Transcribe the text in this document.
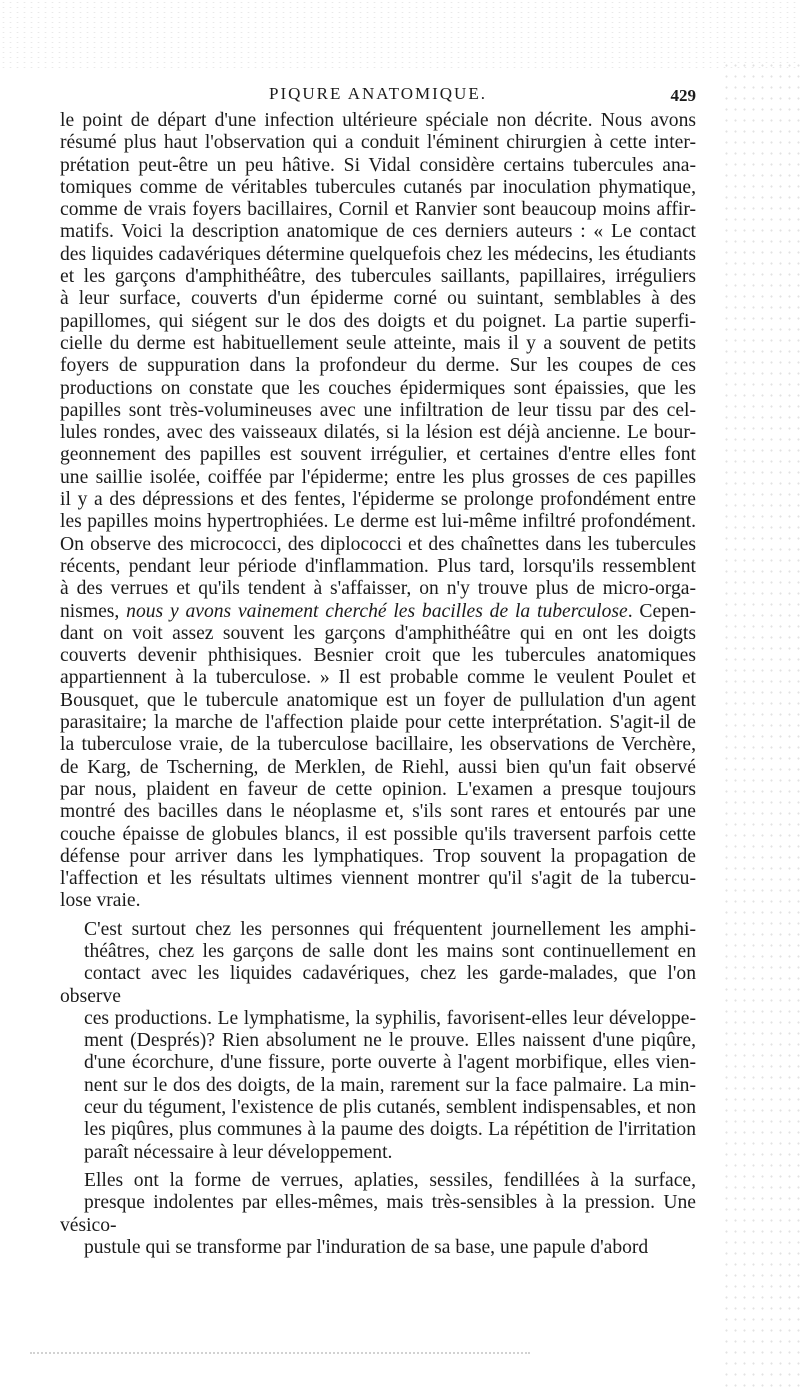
PIQURE ANATOMIQUE.	429

le point de départ d'une infection ultérieure spéciale non décrite. Nous avons
résumé plus haut l'observation qui a conduit l'éminent chirurgien à cette inter-
prétation peut-être un peu hâtive. Si Vidal considère certains tubercules ana-
tomiques comme de véritables tubercules cutanés par inoculation phymatique,
comme de vrais foyers bacillaires, Cornil et Ranvier sont beaucoup moins affir-
matifs. Voici la description anatomique de ces derniers auteurs : « Le contact
des liquides cadavériques détermine quelquefois chez les médecins, les étudiants
et les garçons d'amphithéâtre, des tubercules saillants, papillaires, irréguliers
à leur surface, couverts d'un épiderme corné ou suintant, semblables à des
papillomes, qui siégent sur le dos des doigts et du poignet. La partie superfi-
cielle du derme est habituellement seule atteinte, mais il y a souvent de petits
foyers de suppuration dans la profondeur du derme. Sur les coupes de ces
productions on constate que les couches épidermiques sont épaissies, que les
papilles sont très-volumineuses avec une infiltration de leur tissu par des cel-
lules rondes, avec des vaisseaux dilatés, si la lésion est déjà ancienne. Le bour-
geonnement des papilles est souvent irrégulier, et certaines d'entre elles font
une saillie isolée, coiffée par l'épiderme; entre les plus grosses de ces papilles
il y a des dépressions et des fentes, l'épiderme se prolonge profondément entre
les papilles moins hypertrophiées. Le derme est lui-même infiltré profondément.
On observe des micrococci, des diplococci et des chaînettes dans les tubercules
récents, pendant leur période d'inflammation. Plus tard, lorsqu'ils ressemblent
à des verrues et qu'ils tendent à s'affaisser, on n'y trouve plus de micro-orga-
nismes, nous y avons vainement cherché les bacilles de la tuberculose. Cepen-
dant on voit assez souvent les garçons d'amphithéâtre qui en ont les doigts
couverts devenir phthisiques. Besnier croit que les tubercules anatomiques
appartiennent à la tuberculose. » Il est probable comme le veulent Poulet et
Bousquet, que le tubercule anatomique est un foyer de pullulation d'un agent
parasitaire; la marche de l'affection plaide pour cette interprétation. S'agit-il de
la tuberculose vraie, de la tuberculose bacillaire, les observations de Verchère,
de Karg, de Tscherning, de Merklen, de Riehl, aussi bien qu'un fait observé
par nous, plaident en faveur de cette opinion. L'examen a presque toujours
montré des bacilles dans le néoplasme et, s'ils sont rares et entourés par une
couche épaisse de globules blancs, il est possible qu'ils traversent parfois cette
défense pour arriver dans les lymphatiques. Trop souvent la propagation de
l'affection et les résultats ultimes viennent montrer qu'il s'agit de la tubercu-
lose vraie.

C'est surtout chez les personnes qui fréquentent journellement les amphi-
théâtres, chez les garçons de salle dont les mains sont continuellement en
contact avec les liquides cadavériques, chez les garde-malades, que l'on observe
ces productions. Le lymphatisme, la syphilis, favorisent-elles leur développe-
ment (Després)? Rien absolument ne le prouve. Elles naissent d'une piqûre,
d'une écorchure, d'une fissure, porte ouverte à l'agent morbifique, elles vien-
nent sur le dos des doigts, de la main, rarement sur la face palmaire. La min-
ceur du tégument, l'existence de plis cutanés, semblent indispensables, et non
les piqûres, plus communes à la paume des doigts. La répétition de l'irritation
paraît nécessaire à leur développement.

Elles ont la forme de verrues, aplaties, sessiles, fendillées à la surface,
presque indolentes par elles-mêmes, mais très-sensibles à la pression. Une vésico-
pustule qui se transforme par l'induration de sa base, une papule d'abord
